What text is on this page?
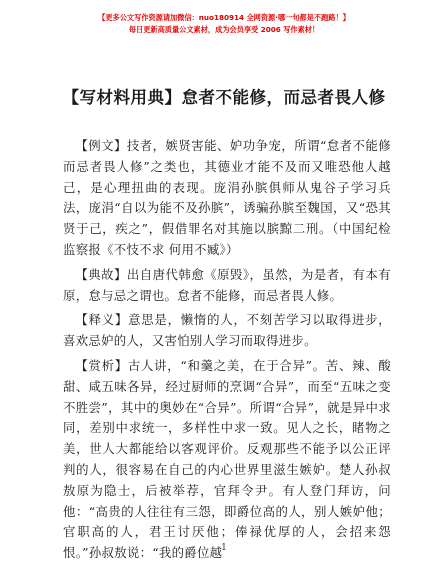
【更多公文写作资源请加微信：nuo180914 全网资源·哪一句都是不跑路！】
每日更新高质量公文素材，成为会员享受 2006 写作素材！
【写材料用典】怠者不能修，而忌者畏人修

【例文】技者，嫉贤害能、妒功争宠，所谓“怠者不能修而忌者畏人修”之类也，其德业才能不及而又唯恐他人越己，是心理扭曲的表现。庞涓孙膑俱师从鬼谷子学习兵法，庞涓“自以为能不及孙膑”，诱骗孙膑至魏国，又“恐其贤于己，疾之”，假借罪名对其施以膑黥二刑。（中国纪检监察报《不忮不求 何用不臧》）

【典故】出自唐代韩愈《原毁》，虽然，为是者，有本有原，怠与忌之谓也。怠者不能修，而忌者畏人修。

【释义】意思是，懒惰的人，不刻苦学习以取得进步，喜欢忌妒的人，又害怕别人学习而取得进步。

【赏析】古人讲，“和羹之美，在于合异”。苦、辣、酸甜、咸五味各异，经过厨师的烹调“合异”，而至“五味之变不胜尝”，其中的奥妙在“合异”。所谓“合异”，就是异中求同，差别中求统一，多样性中求一致。见人之长，睹物之美，世人大都能给以客观评价。反观那些不能予以公正评判的人，很容易在自己的内心世界里滋生嫉妒。楚人孙叔敖原为隐士，后被举荐，官拜令尹。有人登门拜访，问他：“高贵的人往往有三怨，即爵位高的人，别人嫉妒他；官职高的人，君王讨厌他；俸禄优厚的人，会招来怨恨。”孙叔敖说：“我的爵位越

1
